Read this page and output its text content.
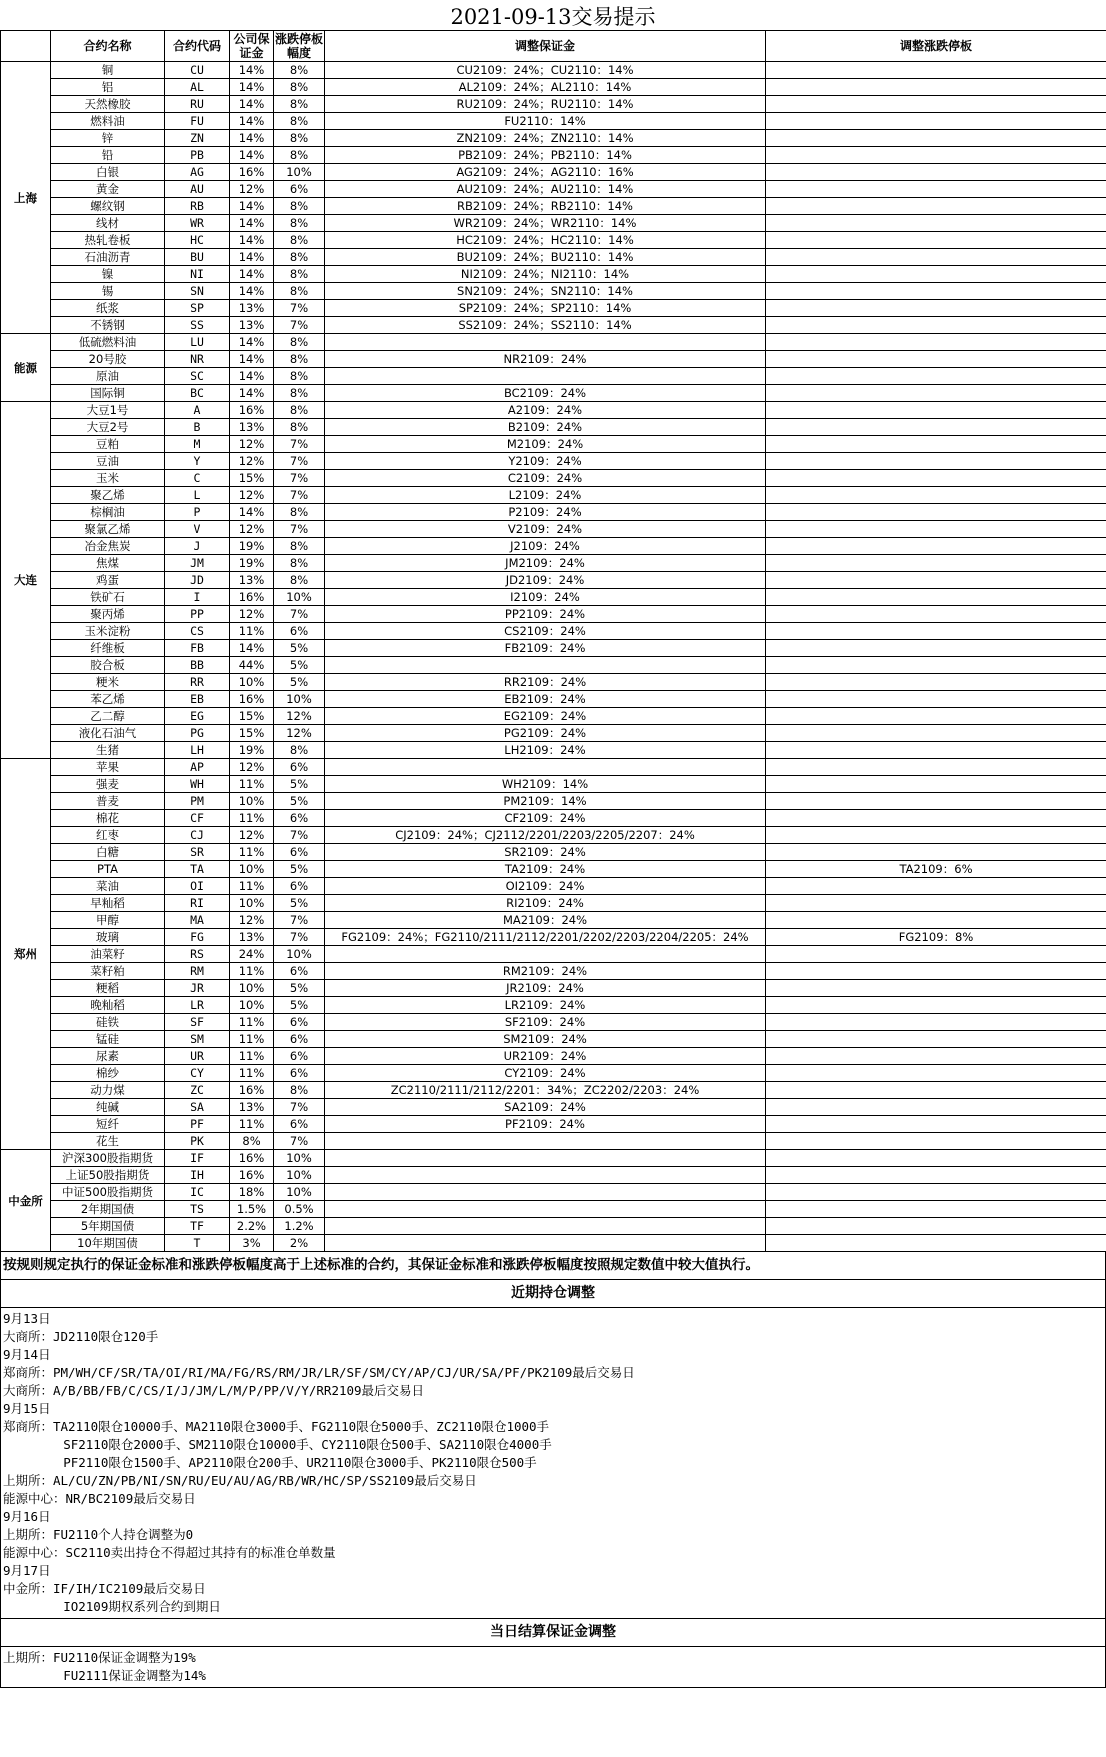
2021-09-13交易提示
	合约名称	合约代码	公司保证金	涨跌停板幅度	调整保证金	调整涨跌停板
上海	铜	CU	14%	8%	CU2109：24%；CU2110：14%	
	铝	AL	14%	8%	AL2109：24%；AL2110：14%	
	天然橡胶	RU	14%	8%	RU2109：24%；RU2110：14%	
	燃料油	FU	14%	8%	FU2110：14%	
	锌	ZN	14%	8%	ZN2109：24%；ZN2110：14%	
	铅	PB	14%	8%	PB2109：24%；PB2110：14%	
	白银	AG	16%	10%	AG2109：24%；AG2110：16%	
	黄金	AU	12%	6%	AU2109：24%；AU2110：14%	
	螺纹钢	RB	14%	8%	RB2109：24%；RB2110：14%	
	线材	WR	14%	8%	WR2109：24%；WR2110：14%	
	热轧卷板	HC	14%	8%	HC2109：24%；HC2110：14%	
	石油沥青	BU	14%	8%	BU2109：24%；BU2110：14%	
	镍	NI	14%	8%	NI2109：24%；NI2110：14%	
	锡	SN	14%	8%	SN2109：24%；SN2110：14%	
	纸浆	SP	13%	7%	SP2109：24%；SP2110：14%	
	不锈钢	SS	13%	7%	SS2109：24%；SS2110：14%	
能源	低硫燃料油	LU	14%	8%		
	20号胶	NR	14%	8%	NR2109：24%	
	原油	SC	14%	8%		
	国际铜	BC	14%	8%	BC2109：24%	
大连	大豆1号	A	16%	8%	A2109：24%	
	大豆2号	B	13%	8%	B2109：24%	
	豆粕	M	12%	7%	M2109：24%	
	豆油	Y	12%	7%	Y2109：24%	
	玉米	C	15%	7%	C2109：24%	
	聚乙烯	L	12%	7%	L2109：24%	
	棕榈油	P	14%	8%	P2109：24%	
	聚氯乙烯	V	12%	7%	V2109：24%	
	冶金焦炭	J	19%	8%	J2109：24%	
	焦煤	JM	19%	8%	JM2109：24%	
	鸡蛋	JD	13%	8%	JD2109：24%	
	铁矿石	I	16%	10%	I2109：24%	
	聚丙烯	PP	12%	7%	PP2109：24%	
	玉米淀粉	CS	11%	6%	CS2109：24%	
	纤维板	FB	14%	5%	FB2109：24%	
	胶合板	BB	44%	5%		
	粳米	RR	10%	5%	RR2109：24%	
	苯乙烯	EB	16%	10%	EB2109：24%	
	乙二醇	EG	15%	12%	EG2109：24%	
	液化石油气	PG	15%	12%	PG2109：24%	
	生猪	LH	19%	8%	LH2109：24%	
郑州	苹果	AP	12%	6%		
	强麦	WH	11%	5%	WH2109：14%	
	普麦	PM	10%	5%	PM2109：14%	
	棉花	CF	11%	6%	CF2109：24%	
	红枣	CJ	12%	7%	CJ2109：24%；CJ2112/2201/2203/2205/2207：24%	
	白糖	SR	11%	6%	SR2109：24%	
	PTA	TA	10%	5%	TA2109：24%	TA2109：6%
	菜油	OI	11%	6%	OI2109：24%	
	早籼稻	RI	10%	5%	RI2109：24%	
	甲醇	MA	12%	7%	MA2109：24%	
	玻璃	FG	13%	7%	FG2109：24%；FG2110/2111/2112/2201/2202/2203/2204/2205：24%	FG2109：8%
	油菜籽	RS	24%	10%		
	菜籽粕	RM	11%	6%	RM2109：24%	
	粳稻	JR	10%	5%	JR2109：24%	
	晚籼稻	LR	10%	5%	LR2109：24%	
	硅铁	SF	11%	6%	SF2109：24%	
	锰硅	SM	11%	6%	SM2109：24%	
	尿素	UR	11%	6%	UR2109：24%	
	棉纱	CY	11%	6%	CY2109：24%	
	动力煤	ZC	16%	8%	ZC2110/2111/2112/2201：34%；ZC2202/2203：24%	
	纯碱	SA	13%	7%	SA2109：24%	
	短纤	PF	11%	6%	PF2109：24%	
	花生	PK	8%	7%		
中金所	沪深300股指期货	IF	16%	10%		
	上证50股指期货	IH	16%	10%		
	中证500股指期货	IC	18%	10%		
	2年期国债	TS	1.5%	0.5%		
	5年期国债	TF	2.2%	1.2%		
	10年期国债	T	3%	2%		
按规则规定执行的保证金标准和涨跌停板幅度高于上述标准的合约，其保证金标准和涨跌停板幅度按照规定数值中较大值执行。
近期持仓调整
9月13日
大商所：JD2110限仓120手
9月14日
郑商所：PM/WH/CF/SR/TA/OI/RI/MA/FG/RS/RM/JR/LR/SF/SM/CY/AP/CJ/UR/SA/PF/PK2109最后交易日
大商所：A/B/BB/FB/C/CS/I/J/JM/L/M/P/PP/V/Y/RR2109最后交易日
9月15日
郑商所：TA2110限仓10000手、MA2110限仓3000手、FG2110限仓5000手、ZC2110限仓1000手
SF2110限仓2000手、SM2110限仓10000手、CY2110限仓500手、SA2110限仓4000手
PF2110限仓1500手、AP2110限仓200手、UR2110限仓3000手、PK2110限仓500手
上期所：AL/CU/ZN/PB/NI/SN/RU/EU/AU/AG/RB/WR/HC/SP/SS2109最后交易日
能源中心：NR/BC2109最后交易日
9月16日
上期所：FU2110个人持仓调整为0
能源中心：SC2110卖出持仓不得超过其持有的标准仓单数量
9月17日
中金所：IF/IH/IC2109最后交易日
IO2109期权系列合约到期日
当日结算保证金调整
上期所：FU2110保证金调整为19%
FU2111保证金调整为14%
